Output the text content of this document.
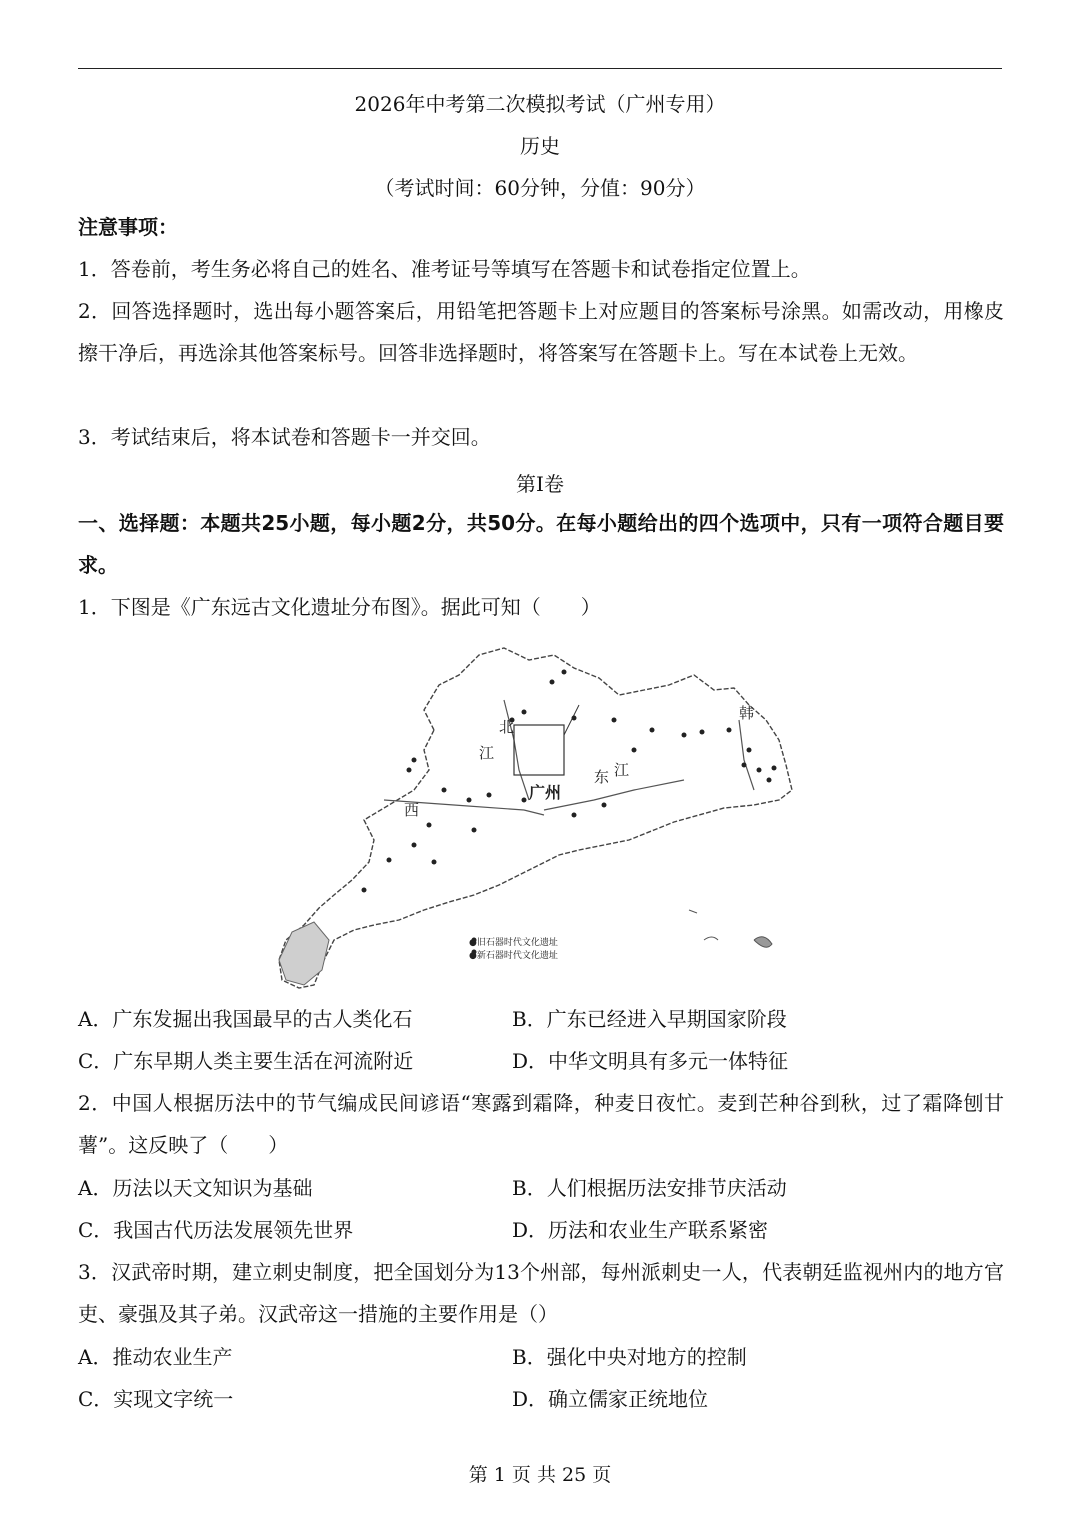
2026年中考第二次模拟考试（广州专用）
历史
（考试时间：60分钟，分值：90分）
注意事项：
1．答卷前，考生务必将自己的姓名、准考证号等填写在答题卡和试卷指定位置上。
2．回答选择题时，选出每小题答案后，用铅笔把答题卡上对应题目的答案标号涂黑。如需改动，用橡皮擦干净后，再选涂其他答案标号。回答非选择题时，将答案写在答题卡上。写在本试卷上无效。
3．考试结束后，将本试卷和答题卡一并交回。
第Ⅰ卷
一、选择题：本题共25小题，每小题2分，共50分。在每小题给出的四个选项中，只有一项符合题目要求。
1．下图是《广东远古文化遗址分布图》。据此可知（　　）
广州
江
北
西
东 江
韩
●旧石器时代文化遗址
●新石器时代文化遗址
A．广东发掘出我国最早的古人类化石	B．广东已经进入早期国家阶段
C．广东早期人类主要生活在河流附近	D．中华文明具有多元一体特征
2．中国人根据历法中的节气编成民间谚语“寒露到霜降，种麦日夜忙。麦到芒种谷到秋，过了霜降刨甘薯”。这反映了（　　）
A．历法以天文知识为基础	B．人们根据历法安排节庆活动
C．我国古代历法发展领先世界	D．历法和农业生产联系紧密
3．汉武帝时期，建立刺史制度，把全国划分为13个州部，每州派刺史一人，代表朝廷监视州内的地方官吏、豪强及其子弟。汉武帝这一措施的主要作用是（）
A．推动农业生产	B．强化中央对地方的控制
C．实现文字统一	D．确立儒家正统地位
第 1 页 共 25 页
